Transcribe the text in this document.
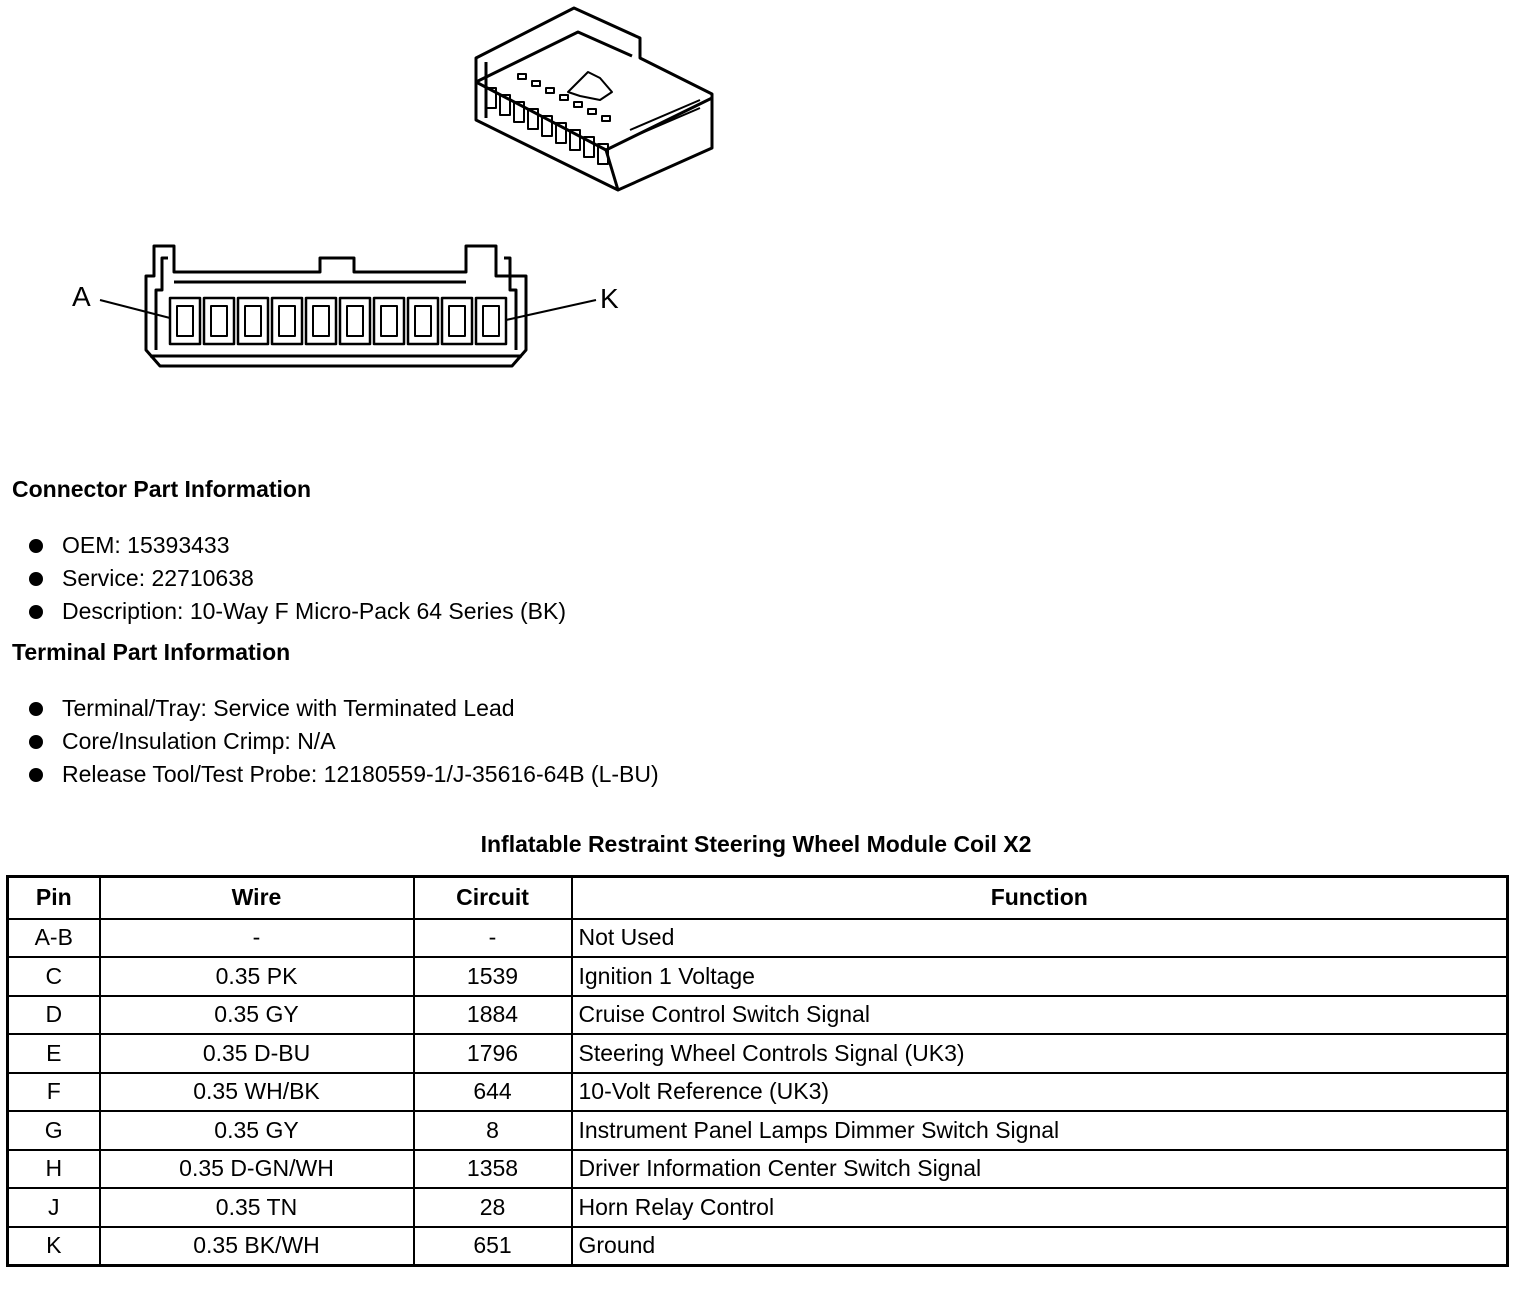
A	K
Connector Part Information
OEM: 15393433
Service: 22710638
Description: 10-Way F Micro-Pack 64 Series (BK)
Terminal Part Information
Terminal/Tray: Service with Terminated Lead
Core/Insulation Crimp: N/A
Release Tool/Test Probe: 12180559-1/J-35616-64B (L-BU)
Inflatable Restraint Steering Wheel Module Coil X2
Pin	Wire	Circuit	Function
A-B	-	-	Not Used
C	0.35 PK	1539	Ignition 1 Voltage
D	0.35 GY	1884	Cruise Control Switch Signal
E	0.35 D-BU	1796	Steering Wheel Controls Signal (UK3)
F	0.35 WH/BK	644	10-Volt Reference (UK3)
G	0.35 GY	8	Instrument Panel Lamps Dimmer Switch Signal
H	0.35 D-GN/WH	1358	Driver Information Center Switch Signal
J	0.35 TN	28	Horn Relay Control
K	0.35 BK/WH	651	Ground
